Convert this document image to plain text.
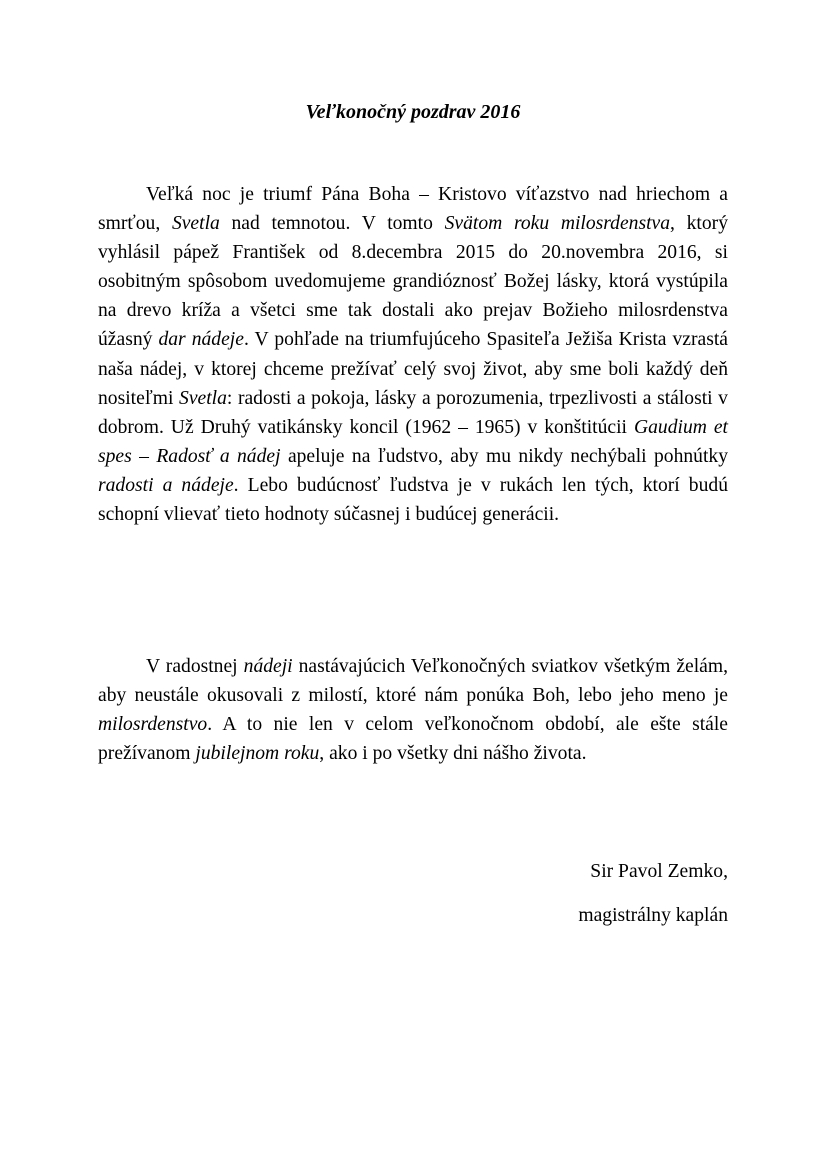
Veľkonočný pozdrav 2016

Veľká noc je triumf Pána Boha – Kristovo víťazstvo nad hriechom a smrťou, Svetla nad temnotou. V tomto Svätom roku milosrdenstva, ktorý vyhlásil pápež František od 8.decembra 2015 do 20.novembra 2016, si osobitným spôsobom uvedomujeme grandióznosť Božej lásky, ktorá vystúpila na drevo kríža a všetci sme tak dostali ako prejav Božieho milosrdenstva úžasný dar nádeje. V pohľade na triumfujúceho Spasiteľa Ježiša Krista vzrastá naša nádej, v ktorej chceme prežívať celý svoj život, aby sme boli každý deň nositeľmi Svetla: radosti a pokoja, lásky a porozumenia, trpezlivosti a stálosti v dobrom. Už Druhý vatikánsky koncil (1962 – 1965) v konštitúcii Gaudium et spes – Radosť a nádej apeluje na ľudstvo, aby mu nikdy nechýbali pohnútky radosti a nádeje. Lebo budúcnosť ľudstva je v rukách len tých, ktorí budú schopní vlievať tieto hodnoty súčasnej i budúcej generácii.

V radostnej nádeji nastávajúcich Veľkonočných sviatkov všetkým želám, aby neustále okusovali z milostí, ktoré nám ponúka Boh, lebo jeho meno je milosrdenstvo. A to nie len v celom veľkonočnom období, ale ešte stále prežívanom jubilejnom roku, ako i po všetky dni nášho života.

Sir Pavol Zemko,
magistrálny kaplán
